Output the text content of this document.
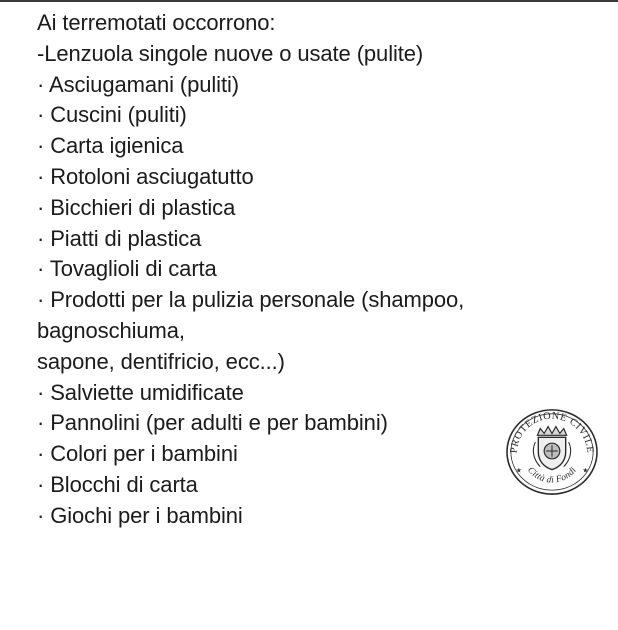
Ai terremotati occorrono:
-Lenzuola singole nuove o usate (pulite)
· Asciugamani (puliti)
· Cuscini (puliti)
· Carta igienica
· Rotoloni asciugatutto
· Bicchieri di plastica
· Piatti di plastica
· Tovaglioli di carta
· Prodotti per la pulizia personale (shampoo,
bagnoschiuma,
sapone, dentifricio, ecc...)
· Salviette umidificate
· Pannolini (per adulti e per bambini)
· Colori per i bambini
· Blocchi di carta
· Giochi per i bambini
PROTEZIONE CIVILE
Città di Fondi
★	★
